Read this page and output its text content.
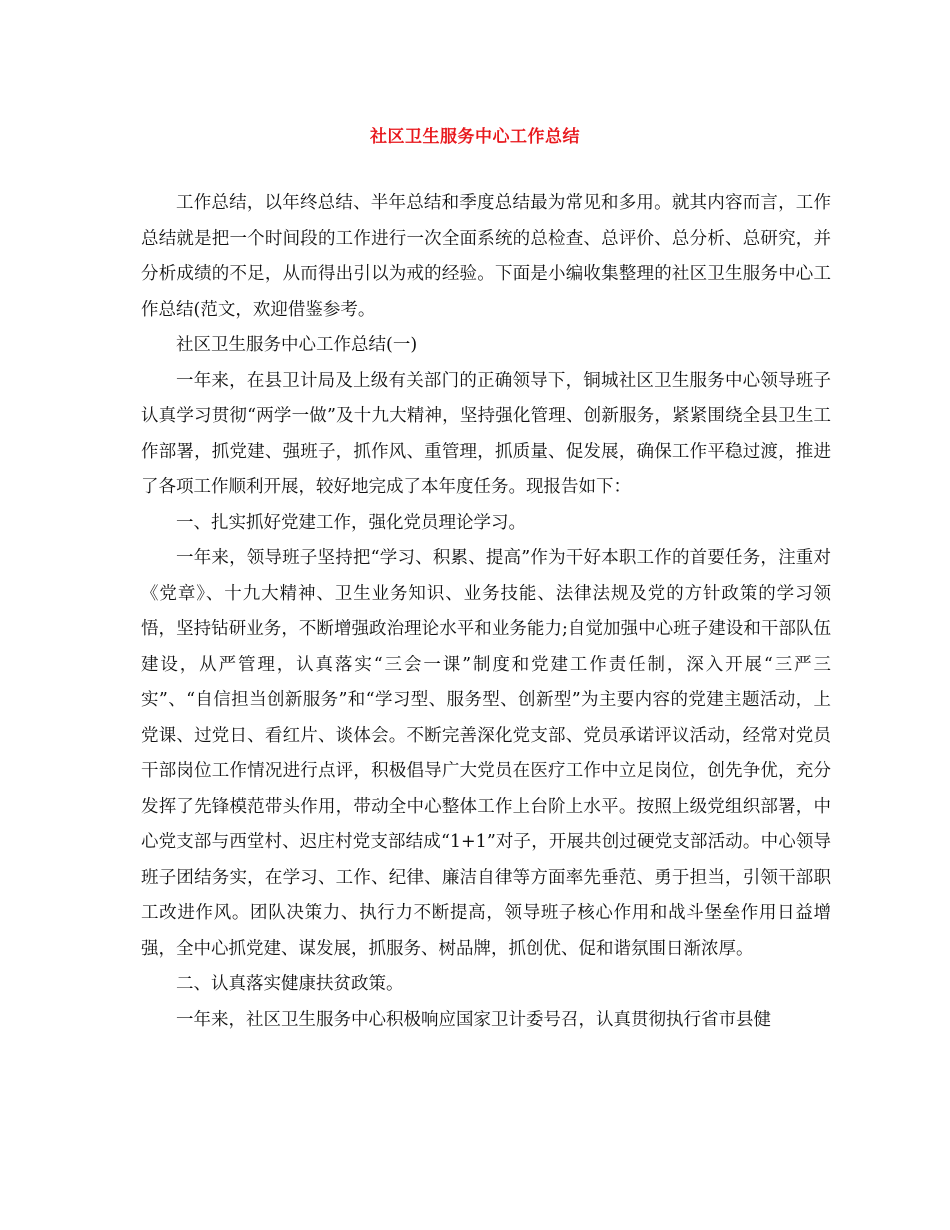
社区卫生服务中心工作总结

工作总结，以年终总结、半年总结和季度总结最为常见和多用。就其内容而言，工作总结就是把一个时间段的工作进行一次全面系统的总检查、总评价、总分析、总研究，并分析成绩的不足，从而得出引以为戒的经验。下面是小编收集整理的社区卫生服务中心工作总结(范文，欢迎借鉴参考。

社区卫生服务中心工作总结(一)

一年来，在县卫计局及上级有关部门的正确领导下，铜城社区卫生服务中心领导班子认真学习贯彻“两学一做”及十九大精神，坚持强化管理、创新服务，紧紧围绕全县卫生工作部署，抓党建、强班子，抓作风、重管理，抓质量、促发展，确保工作平稳过渡，推进了各项工作顺利开展，较好地完成了本年度任务。现报告如下：

一、扎实抓好党建工作，强化党员理论学习。

一年来，领导班子坚持把“学习、积累、提高”作为干好本职工作的首要任务，注重对《党章》、十九大精神、卫生业务知识、业务技能、法律法规及党的方针政策的学习领悟，坚持钻研业务，不断增强政治理论水平和业务能力;自觉加强中心班子建设和干部队伍建设，从严管理，认真落实“三会一课”制度和党建工作责任制，深入开展“三严三实”、“自信担当创新服务”和“学习型、服务型、创新型”为主要内容的党建主题活动，上党课、过党日、看红片、谈体会。不断完善深化党支部、党员承诺评议活动，经常对党员干部岗位工作情况进行点评，积极倡导广大党员在医疗工作中立足岗位，创先争优，充分发挥了先锋模范带头作用，带动全中心整体工作上台阶上水平。按照上级党组织部署，中心党支部与西堂村、迟庄村党支部结成“1+1”对子，开展共创过硬党支部活动。中心领导班子团结务实，在学习、工作、纪律、廉洁自律等方面率先垂范、勇于担当，引领干部职工改进作风。团队决策力、执行力不断提高，领导班子核心作用和战斗堡垒作用日益增强，全中心抓党建、谋发展，抓服务、树品牌，抓创优、促和谐氛围日渐浓厚。

二、认真落实健康扶贫政策。

一年来，社区卫生服务中心积极响应国家卫计委号召，认真贯彻执行省市县健
